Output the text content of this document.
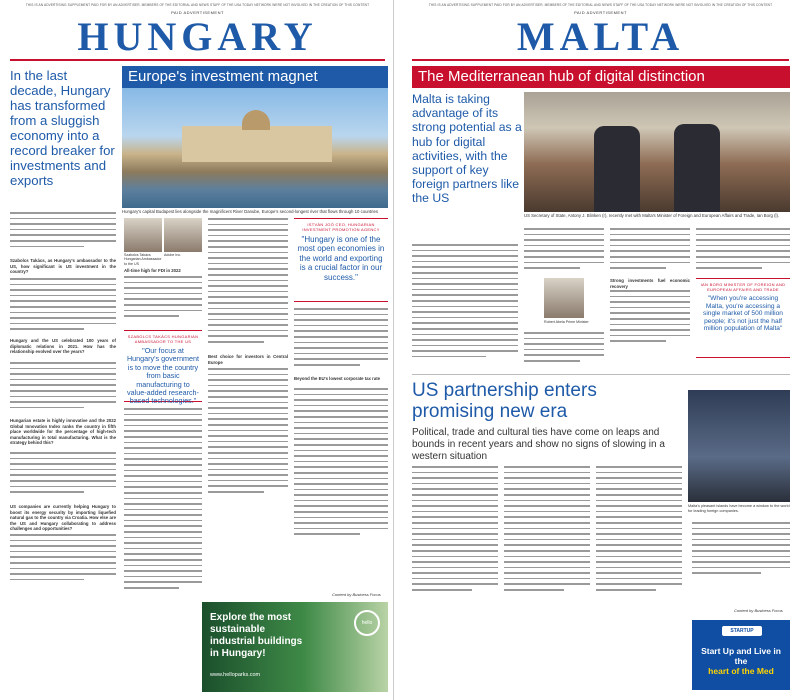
THIS IS AN ADVERTISING SUPPLEMENT PAID FOR BY AN ADVERTISER. MEMBERS OF THE EDITORIAL AND NEWS STAFF OF THE USA TODAY NETWORK WERE NOT INVOLVED IN THE CREATION OF THIS CONTENT
PAID ADVERTISEMENT
HUNGARY
In the last decade, Hungary has transformed from a sluggish economy into a record breaker for investments and exports
Europe's investment magnet
Hungary's capital Budapest lies alongside the magnificent River Danube, Europe's second-longest river that flows through 10 countries
Szabolcs Takács, as Hungary's ambassador to the US, how significant is US investment in the country?
Hungary and the US celebrated 100 years of diplomatic relations in 2021. How has the relationship evolved over the years?
Hungarian estate is highly innovative and the 2022 Global Innovation Index ranks the country in fifth place worldwide for the percentage of high-tech manufacturing in total manufacturing. What is the strategy behind this?
US companies are currently helping Hungary to boost its energy security by importing liquefied natural gas to the country via Croatia. How else are the US and Hungary collaborating to address challenges and opportunities?
Szabolcs Takács Hungarian Ambassador to the US
Adobe Inc.
All-time high for FDI in 2022
SZABOLCS TAKÁCS HUNGARIAN AMBASSADOR TO THE US
"Our focus at Hungary's government is to move the country from basic manufacturing to value-added research-based technologies."
Best choice for investors in Central Europe
ISTVÁN JOÓ CEO, HUNGARIAN INVESTMENT PROMOTION AGENCY
"Hungary is one of the most open economies in the world and exporting is a crucial factor in our success."
Beyond the EU's lowest corporate tax rate
Content by Business Focus
Explore the most sustainable industrial buildings in Hungary!
www.helloparks.com
hello
THIS IS AN ADVERTISING SUPPLEMENT PAID FOR BY AN ADVERTISER. MEMBERS OF THE EDITORIAL AND NEWS STAFF OF THE USA TODAY NETWORK WERE NOT INVOLVED IN THE CREATION OF THIS CONTENT
PAID ADVERTISEMENT
MALTA
The Mediterranean hub of digital distinction
Malta is taking advantage of its strong potential as a hub for digital activities, with the support of key foreign partners like the US
US Secretary of State, Antony J. Blinken (r), recently met with Malta's Minister of Foreign and European Affairs and Trade, Ian Borg (l).
Robert Abela Prime Minister
Strong investments fuel economic recovery	IAN BORG MINISTER OF FOREIGN AND EUROPEAN AFFAIRS AND TRADE
"When you're accessing Malta, you're accessing a single market of 500 million people; it's not just the half million population of Malta"
US partnership enters promising new era
Political, trade and cultural ties have come on leaps and bounds in recent years and show no signs of slowing in a western situation
Malta's pleasant islands have become a window to the world for leading foreign companies.
Content by Business Focus
STARTUP
Start Up and Live in the
heart of the Med
